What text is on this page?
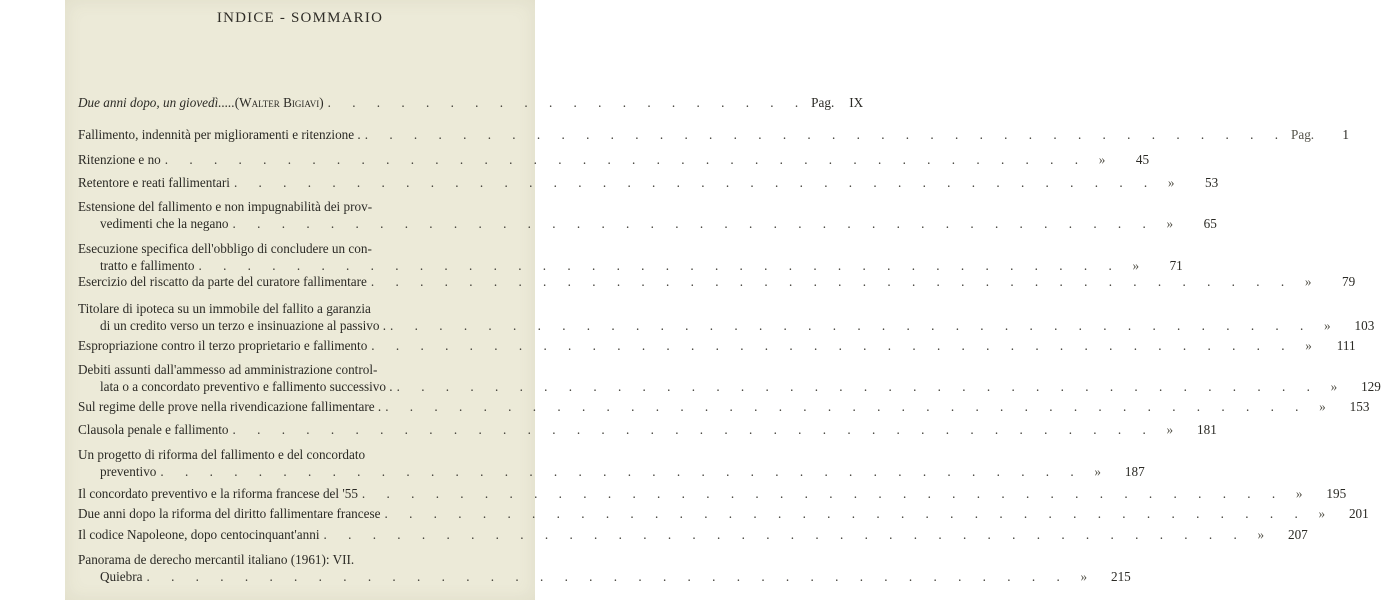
INDICE - SOMMARIO
Due anni dopo, un giovedì..... (Walter Bigiavi) . . . . . . . . . . . . . . . . . . . . Pag.	IX
Fallimento, indennità per miglioramenti e ritenzione . . . . . . . . . . . . . . . . . . . . . . . . . . . . . . . . . . . . . . . Pag.	1
Ritenzione e no . . . . . . . . . . . . . . . . . . . . . . . . . . . . . . . . . . . . . . »	45
Retentore e reati fallimentari . . . . . . . . . . . . . . . . . . . . . . . . . . . . . . . . . . . . . . »	53
Estensione del fallimento e non impugnabilità dei prov-
vedimenti che la negano . . . . . . . . . . . . . . . . . . . . . . . . . . . . . . . . . . . . . . »	65
Esecuzione specifica dell'obbligo di concludere un con-
tratto e fallimento . . . . . . . . . . . . . . . . . . . . . . . . . . . . . . . . . . . . . . »	71
Esercizio del riscatto da parte del curatore fallimentare . . . . . . . . . . . . . . . . . . . . . . . . . . . . . . . . . . . . . . »	79
Titolare di ipoteca su un immobile del fallito a garanzia
di un credito verso un terzo e insinuazione al passivo . . . . . . . . . . . . . . . . . . . . . . . . . . . . . . . . . . . . . . . »	103
Espropriazione contro il terzo proprietario e fallimento . . . . . . . . . . . . . . . . . . . . . . . . . . . . . . . . . . . . . . »	111
Debiti assunti dall'ammesso ad amministrazione control-
lata o a concordato preventivo e fallimento successivo . . . . . . . . . . . . . . . . . . . . . . . . . . . . . . . . . . . . . . . »	129
Sul regime delle prove nella rivendicazione fallimentare . . . . . . . . . . . . . . . . . . . . . . . . . . . . . . . . . . . . . . . »	153
Clausola penale e fallimento . . . . . . . . . . . . . . . . . . . . . . . . . . . . . . . . . . . . . . »	181
Un progetto di riforma del fallimento e del concordato
preventivo . . . . . . . . . . . . . . . . . . . . . . . . . . . . . . . . . . . . . . »	187
Il concordato preventivo e la riforma francese del '55 . . . . . . . . . . . . . . . . . . . . . . . . . . . . . . . . . . . . . . »	195
Due anni dopo la riforma del diritto fallimentare francese . . . . . . . . . . . . . . . . . . . . . . . . . . . . . . . . . . . . . . »	201
Il codice Napoleone, dopo centocinquant'anni . . . . . . . . . . . . . . . . . . . . . . . . . . . . . . . . . . . . . . »	207
Panorama de derecho mercantil italiano (1961): VII.
Quiebra . . . . . . . . . . . . . . . . . . . . . . . . . . . . . . . . . . . . . . »	215
